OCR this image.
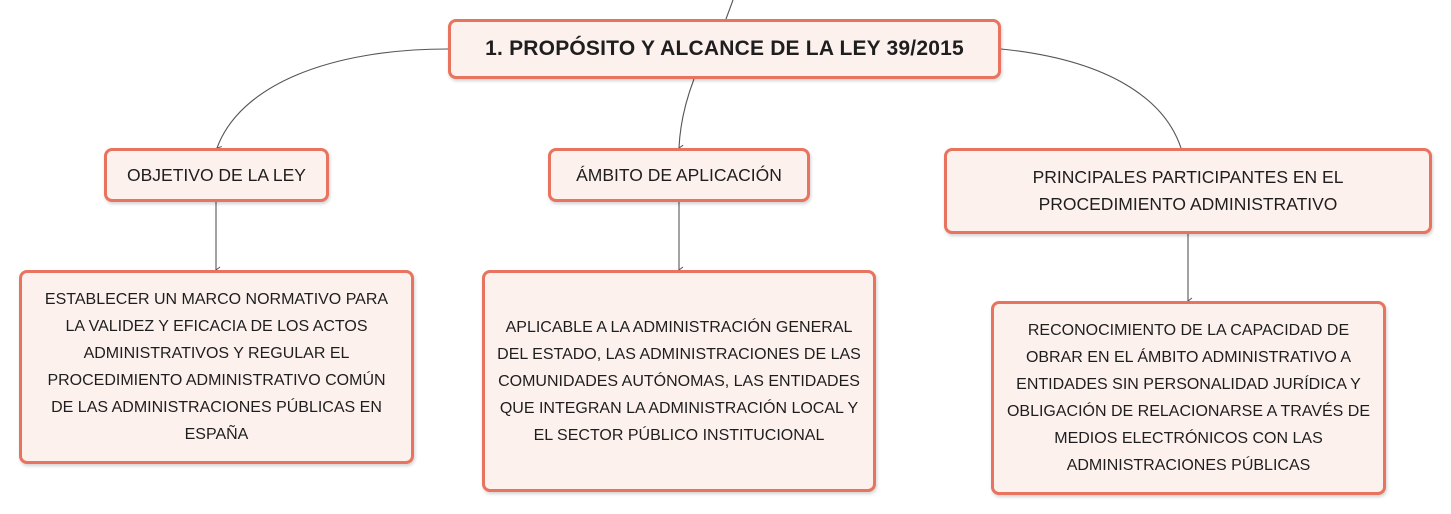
1. PROPÓSITO Y ALCANCE DE LA LEY 39/2015
OBJETIVO DE LA LEY	ÁMBITO DE APLICACIÓN	PRINCIPALES PARTICIPANTES EN EL PROCEDIMIENTO ADMINISTRATIVO
ESTABLECER UN MARCO NORMATIVO PARA LA VALIDEZ Y EFICACIA DE LOS ACTOS ADMINISTRATIVOS Y REGULAR EL PROCEDIMIENTO ADMINISTRATIVO COMÚN DE LAS ADMINISTRACIONES PÚBLICAS EN ESPAÑA
APLICABLE A LA ADMINISTRACIÓN GENERAL DEL ESTADO, LAS ADMINISTRACIONES DE LAS COMUNIDADES AUTÓNOMAS, LAS ENTIDADES QUE INTEGRAN LA ADMINISTRACIÓN LOCAL Y EL SECTOR PÚBLICO INSTITUCIONAL
RECONOCIMIENTO DE LA CAPACIDAD DE OBRAR EN EL ÁMBITO ADMINISTRATIVO A ENTIDADES SIN PERSONALIDAD JURÍDICA Y OBLIGACIÓN DE RELACIONARSE A TRAVÉS DE MEDIOS ELECTRÓNICOS CON LAS ADMINISTRACIONES PÚBLICAS
